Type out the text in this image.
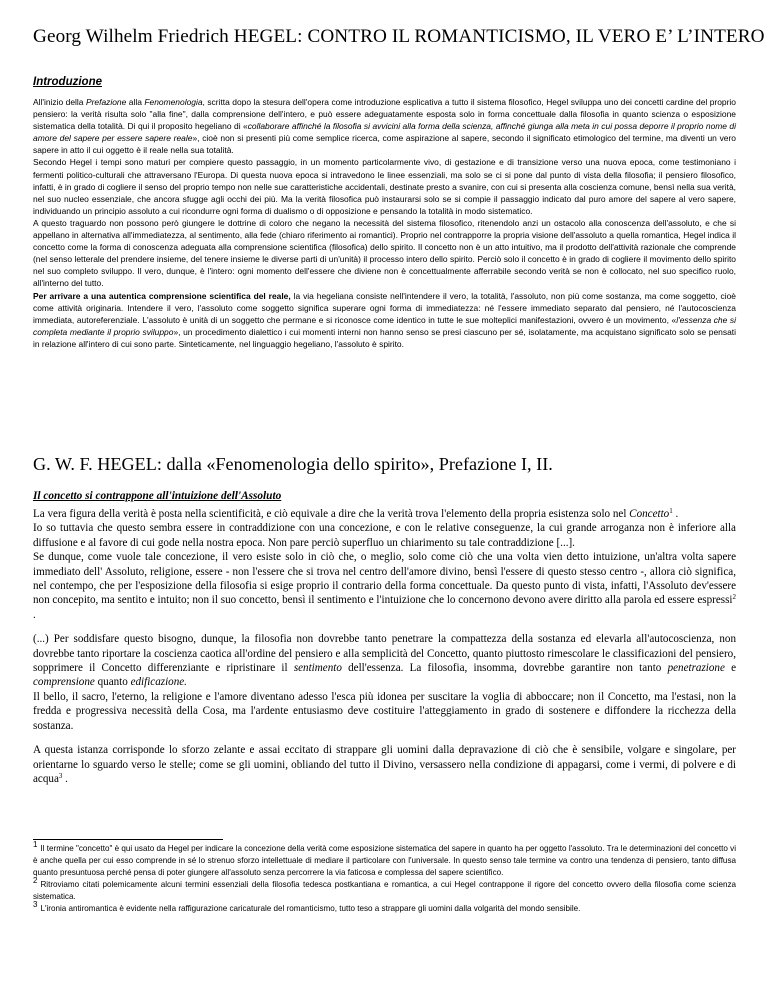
Georg Wilhelm Friedrich HEGEL: CONTRO IL ROMANTICISMO, IL VERO E’ L’INTERO
Introduzione

All'inizio della Prefazione alla Fenomenologia, scritta dopo la stesura dell'opera come introduzione esplicativa a tutto il sistema filosofico, Hegel sviluppa uno dei concetti cardine del proprio pensiero: la verità risulta solo "alla fine", dalla comprensione dell'intero, e può essere adeguatamente esposta solo in forma concettuale dalla filosofia in quanto scienza o esposizione sistematica della totalità. Di qui il proposito hegeliano di «collaborare affinché la filosofia si avvicini alla forma della scienza, affinché giunga alla meta in cui possa deporre il proprio nome di amore del sapere per essere sapere reale», cioè non si presenti più come semplice ricerca, come aspirazione al sapere, secondo il significato etimologico del termine, ma diventi un vero sapere in atto il cui oggetto è il reale nella sua totalità.

Secondo Hegel i tempi sono maturi per compiere questo passaggio, in un momento particolarmente vivo, di gestazione e di transizione verso una nuova epoca, come testimoniano i fermenti politico-culturali che attraversano l'Europa. Di questa nuova epoca si intravedono le linee essenziali, ma solo se ci si pone dal punto di vista della filosofia; il pensiero filosofico, infatti, è in grado di cogliere il senso del proprio tempo non nelle sue caratteristiche accidentali, destinate presto a svanire, con cui si presenta alla coscienza comune, bensì nella sua verità, nel suo nucleo essenziale, che ancora sfugge agli occhi dei più. Ma la verità filosofica può instaurarsi solo se si compie il passaggio indicato dal puro amore del sapere al vero sapere, individuando un principio assoluto a cui ricondurre ogni forma di dualismo o di opposizione e pensando la totalità in modo sistematico.

A questo traguardo non possono però giungere le dottrine di coloro che negano la necessità del sistema filosofico, ritenendolo anzi un ostacolo alla conoscenza dell'assoluto, e che si appellano in alternativa all'immediatezza, al sentimento, alla fede (chiaro riferimento ai romantici). Proprio nel contrapporre la propria visione dell'assoluto a quella romantica, Hegel indica il concetto come la forma di conoscenza adeguata alla comprensione scientifica (filosofica) dello spirito. Il concetto non è un atto intuitivo, ma il prodotto dell'attività razionale che comprende (nel senso letterale del prendere insieme, del tenere insieme le diverse parti di un'unità) il processo intero dello spirito. Perciò solo il concetto è in grado di cogliere il movimento dello spirito nel suo completo sviluppo. Il vero, dunque, è l'intero: ogni momento dell'essere che diviene non è concettualmente afferrabile secondo verità se non è collocato, nel suo specifico ruolo, all'interno del tutto.

Per arrivare a una autentica comprensione scientifica del reale, la via hegeliana consiste nell'intendere il vero, la totalità, l'assoluto, non più come sostanza, ma come soggetto, cioè come attività originaria. Intendere il vero, l'assoluto come soggetto significa superare ogni forma di immediatezza: né l'essere immediato separato dal pensiero, né l'autocoscienza immediata, autoreferenziale. L'assoluto è unità di un soggetto che permane e si riconosce come identico in tutte le sue molteplici manifestazioni, ovvero è un movimento, «l'essenza che si completa mediante il proprio sviluppo», un procedimento dialettico i cui momenti interni non hanno senso se presi ciascuno per sé, isolatamente, ma acquistano significato solo se pensati in relazione all'intero di cui sono parte. Sinteticamente, nel linguaggio hegeliano, l'assoluto è spirito.

G. W. F. HEGEL: dalla «Fenomenologia dello spirito», Prefazione I, II.
Il concetto si contrappone all'intuizione dell'Assoluto

La vera figura della verità è posta nella scientificità, e ciò equivale a dire che la verità trova l'elemento della propria esistenza solo nel Concetto$^1$ .

Io so tuttavia che questo sembra essere in contraddizione con una concezione, e con le relative conseguenze, la cui grande arroganza non è inferiore alla diffusione e al favore di cui gode nella nostra epoca. Non pare perciò superfluo un chiarimento su tale contraddizione [...].

Se dunque, come vuole tale concezione, il vero esiste solo in ciò che, o meglio, solo come ciò che una volta vien detto intuizione, un'altra volta sapere immediato dell' Assoluto, religione, essere - non l'essere che si trova nel centro dell'amore divino, bensì l'essere di questo stesso centro -, allora ciò significa, nel contempo, che per l'esposizione della filosofia si esige proprio il contrario della forma concettuale. Da questo punto di vista, infatti, l'Assoluto dev'essere non concepito, ma sentito e intuito; non il suo concetto, bensì il sentimento e l'intuizione che lo concernono devono avere diritto alla parola ed essere espressi$^2$ .

(...) Per soddisfare questo bisogno, dunque, la filosofia non dovrebbe tanto penetrare la compattezza della sostanza ed elevarla all'autocoscienza, non dovrebbe tanto riportare la coscienza caotica all'ordine del pensiero e alla semplicità del Concetto, quanto piuttosto rimescolare le classificazioni del pensiero, sopprimere il Concetto differenziante e ripristinare il sentimento dell'essenza. La filosofia, insomma, dovrebbe garantire non tanto penetrazione e comprensione quanto edificazione.

Il bello, il sacro, l'eterno, la religione e l'amore diventano adesso l'esca più idonea per suscitare la voglia di abboccare; non il Concetto, ma l'estasi, non la fredda e progressiva necessità della Cosa, ma l'ardente entusiasmo deve costituire l'atteggiamento in grado di sostenere e diffondere la ricchezza della sostanza.

A questa istanza corrisponde lo sforzo zelante e assai eccitato di strappare gli uomini dalla depravazione di ciò che è sensibile, volgare e singolare, per orientarne lo sguardo verso le stelle; come se gli uomini, obliando del tutto il Divino, versassero nella condizione di appagarsi, come i vermi, di polvere e di acqua$^3$ .

1 Il termine "concetto" è qui usato da Hegel per indicare la concezione della verità come esposizione sistematica del sapere in quanto ha per oggetto l'assoluto. Tra le determinazioni del concetto vi è anche quella per cui esso comprende in sé lo strenuo sforzo intellettuale di mediare il particolare con l'universale. In questo senso tale termine va contro una tendenza di pensiero, tanto diffusa quanto presuntuosa perché pensa di poter giungere all'assoluto senza percorrere la via faticosa e complessa del sapere scientifico.

2 Ritroviamo citati polemicamente alcuni termini essenziali della filosofia tedesca postkantiana e romantica, a cui Hegel contrappone il rigore del concetto ovvero della filosofia come scienza sistematica.

3 L'ironia antiromantica è evidente nella raffigurazione caricaturale del romanticismo, tutto teso a strappare gli uomini dalla volgarità del mondo sensibile.
